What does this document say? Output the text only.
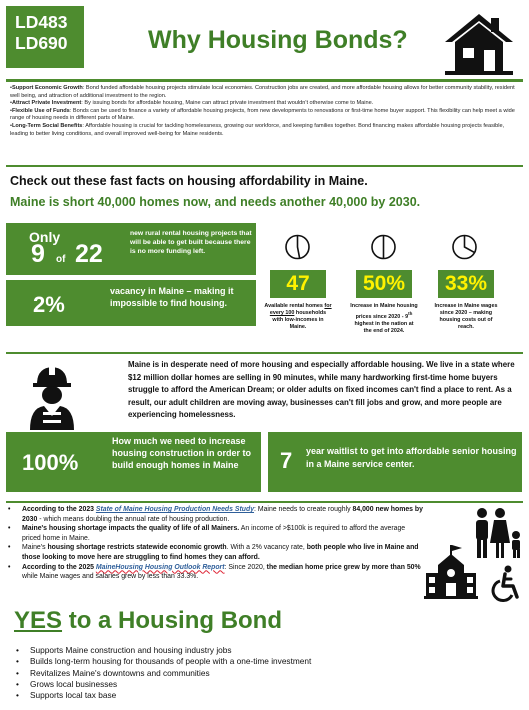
LD483
LD690	Why Housing Bonds?

•Support Economic Growth: Bond funded affordable housing projects stimulate local economies. Construction jobs are created, and more affordable housing allows for better community stability, resident well being, and attraction of additional investment to the region.

•Attract Private Investment: By issuing bonds for affordable housing, Maine can attract private investment that wouldn't otherwise come to Maine.

•Flexible Use of Funds: Bonds can be used to finance a variety of affordable housing projects, from new developments to renovations or first-time home buyer support. This flexibility can help meet a wide range of housing needs in different parts of Maine.

•Long-Term Social Benefits: Affordable housing is crucial for tackling homelessness, growing our workforce, and keeping families together. Bond financing makes affordable housing projects feasible, leading to better living conditions, and overall improved well-being for Maine residents.

Check out these fast facts on housing affordability in Maine.
Maine is short 40,000 homes now, and needs another 40,000 by 2030.
Only
9 of 22
new rural rental housing projects that will be able to get built because there is no more funding left.
2%
vacancy in Maine – making it impossible to find housing.
47	50%	33%
Available rental homes for every 100 households with low-incomes in Maine.
Increase in Maine housing prices since 2020 - 9th highest in the nation at the end of 2024.
Increase in Maine wages since 2020 – making housing costs out of reach.
Maine is in desperate need of more housing and especially affordable housing. We live in a state where $12 million dollar homes are selling in 90 minutes, while many hardworking first-time home buyers struggle to afford the American Dream; or older adults on fixed incomes can't find a place to rent. As a result, our adult children are moving away, businesses can't fill jobs and grow, and more people are experiencing homelessness.
100%
How much we need to increase housing construction in order to build enough homes in Maine	7 year waitlist to get into affordable senior housing in a Maine service center.
• According to the 2023 State of Maine Housing Production Needs Study: Maine needs to create roughly 84,000 new homes by 2030 - which means doubling the annual rate of housing production.
• Maine's housing shortage impacts the quality of life of all Mainers. An income of >$100k is required to afford the average priced home in Maine.
• Maine's housing shortage restricts statewide economic growth. With a 2% vacancy rate, both people who live in Maine and those looking to move here are struggling to find homes they can afford.
• According to the 2025 MaineHousing Housing Outlook Report: Since 2020, the median home price grew by more than 50% while Maine wages and salaries grew by less than 33.3%.
YES to a Housing Bond
• Supports Maine construction and housing industry jobs
• Builds long-term housing for thousands of people with a one-time investment
• Revitalizes Maine's downtowns and communities
• Grows local businesses
• Supports local tax base
